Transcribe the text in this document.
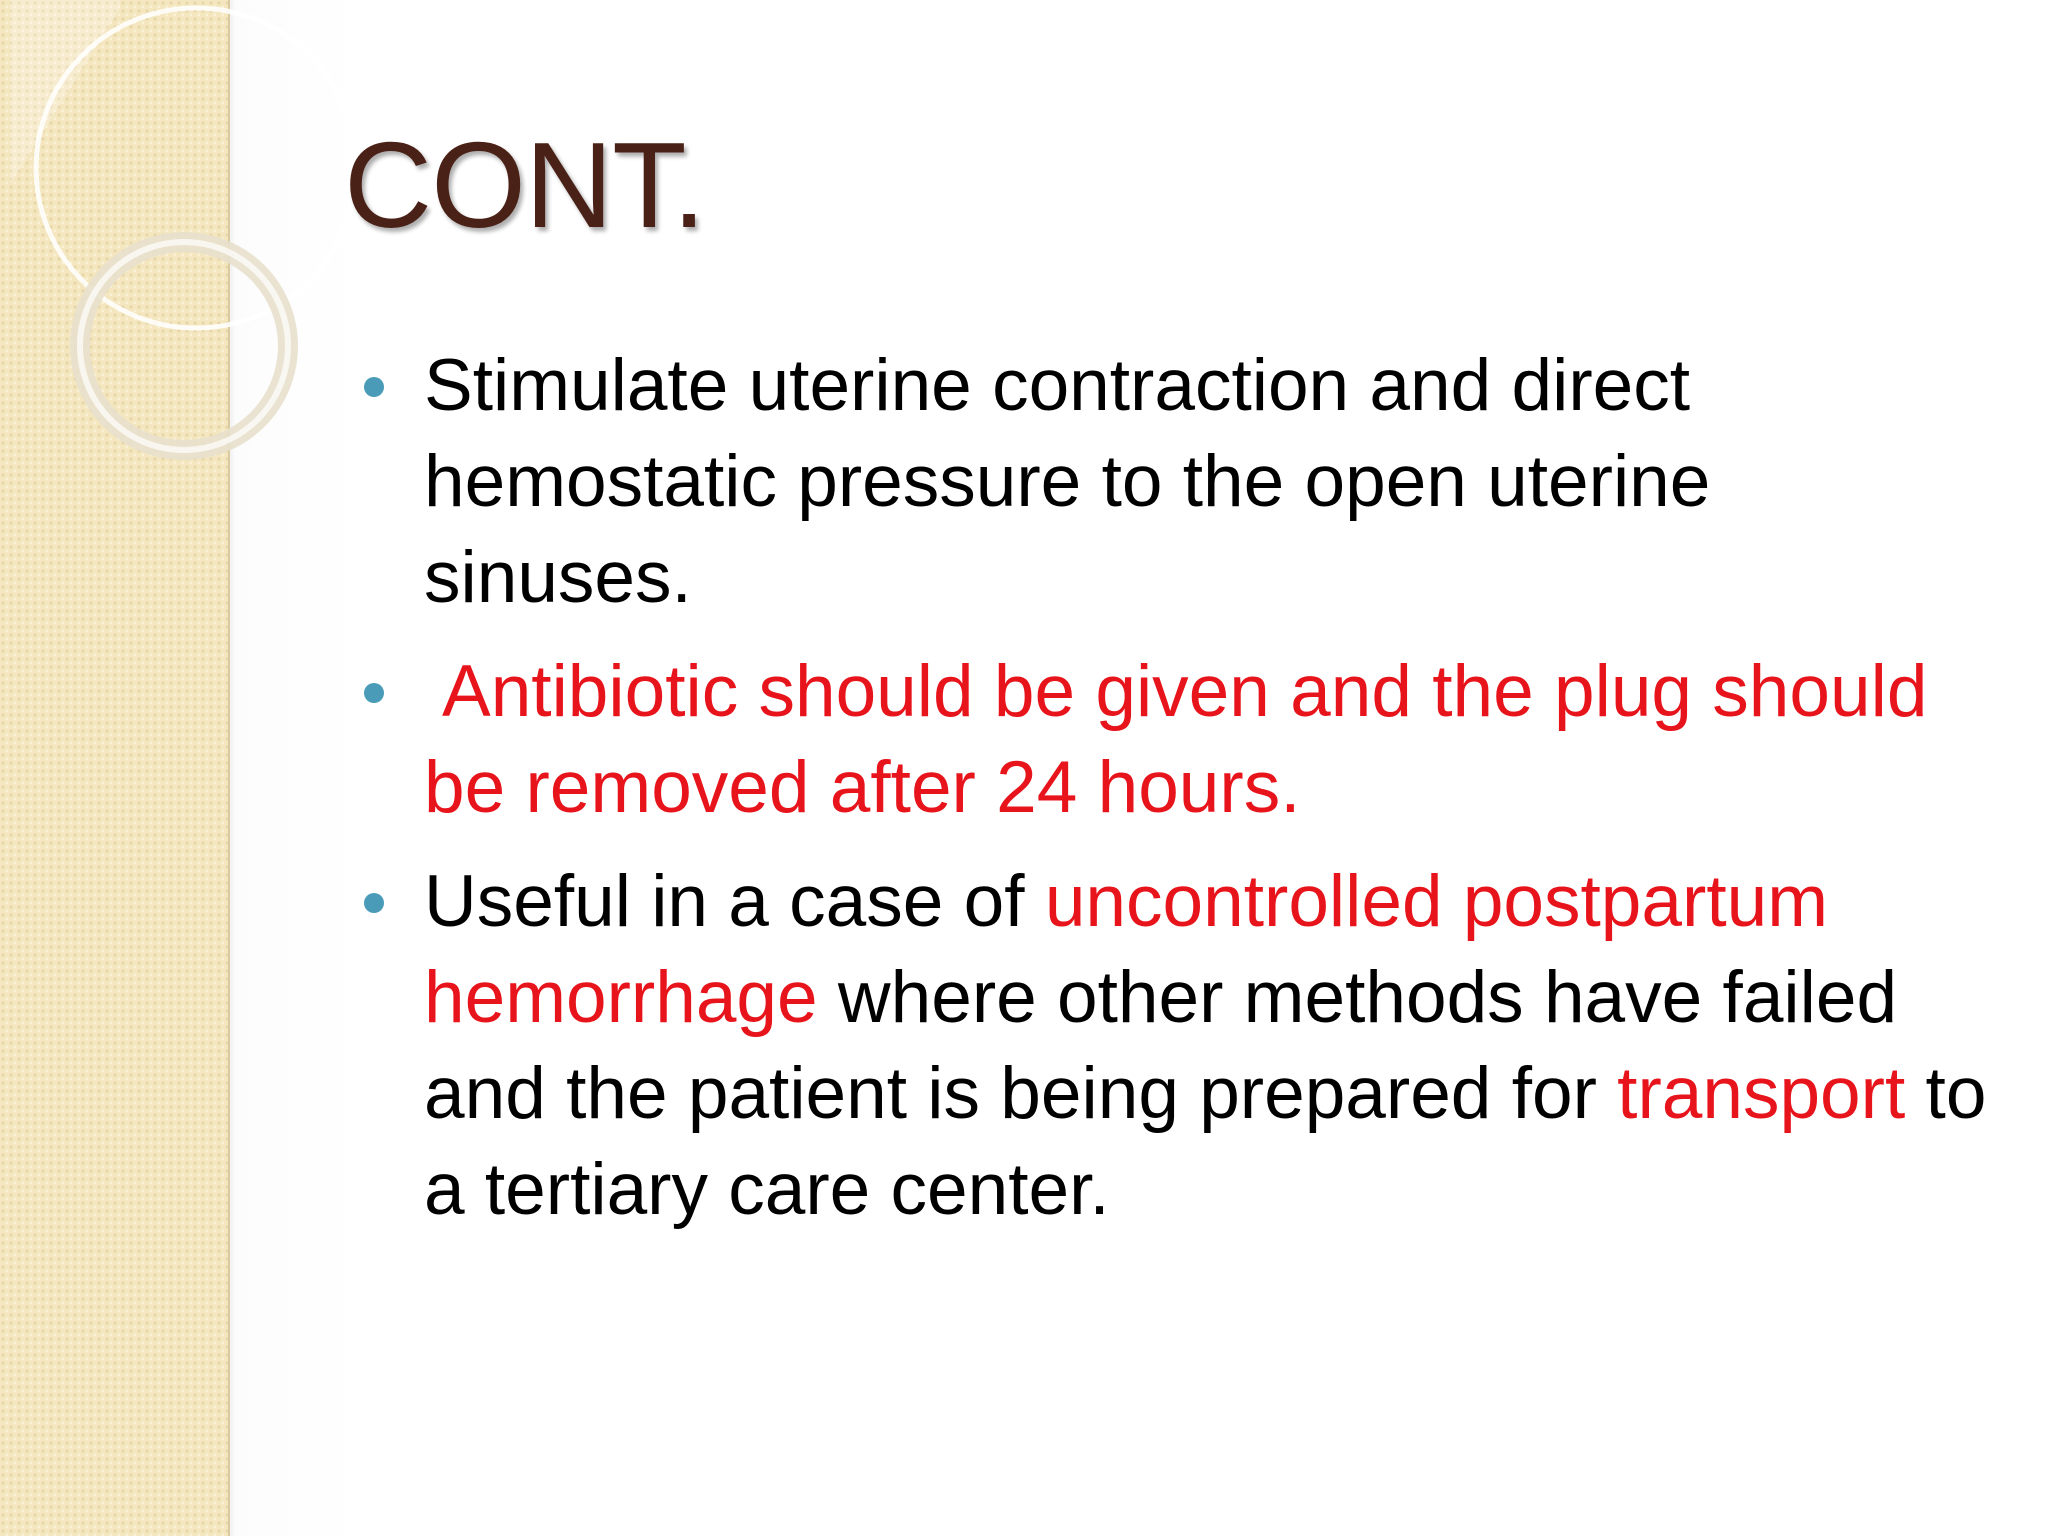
CONT.
Stimulate uterine contraction and direct hemostatic pressure to the open uterine sinuses.
Antibiotic should be given and the plug should be removed after 24 hours.
Useful in a case of uncontrolled postpartum hemorrhage where other methods have failed and the patient is being prepared for transport to a tertiary care center.
